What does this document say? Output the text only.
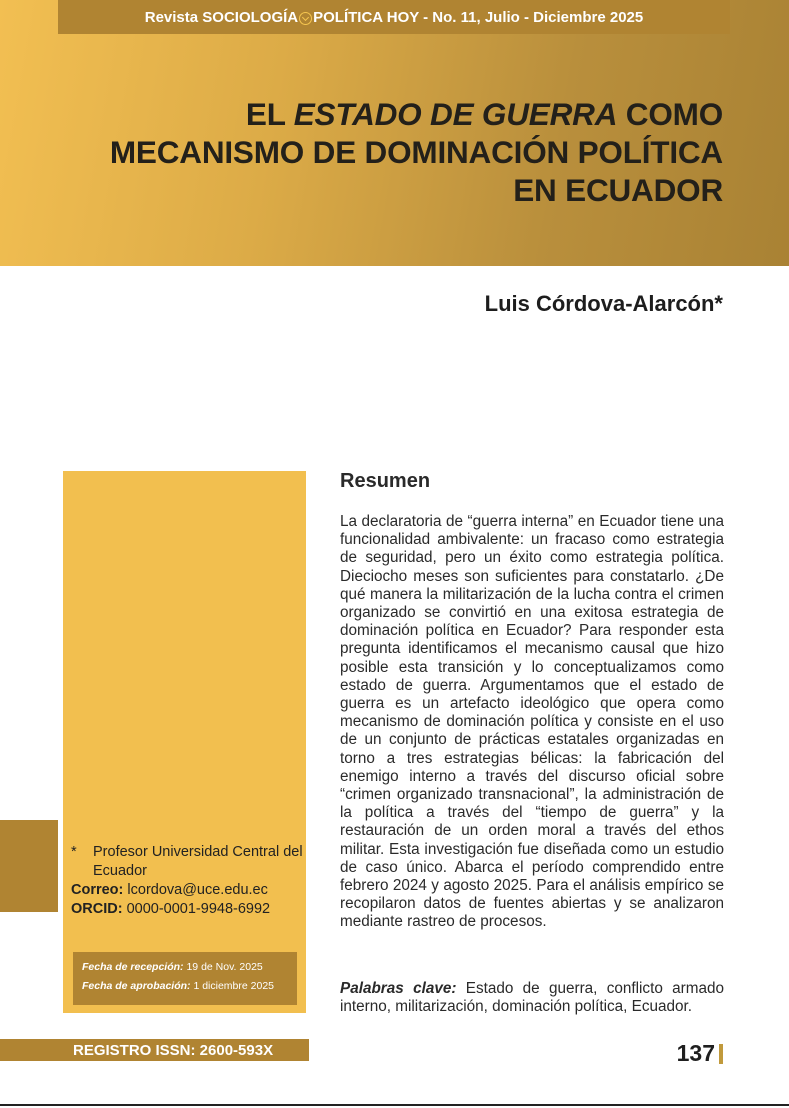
Revista SOCIOLOGÍA POLÍTICA HOY - No. 11, Julio - Diciembre 2025
EL ESTADO DE GUERRA COMO MECANISMO DE DOMINACIÓN POLÍTICA EN ECUADOR

Luis Córdova-Alarcón*

*	Profesor Universidad Central del Ecuador
Correo: lcordova@uce.edu.ec
ORCID: 0000-0001-9948-6992
Fecha de recepción: 19 de Nov. 2025
Fecha de aprobación: 1 diciembre 2025
REGISTRO ISSN: 2600-593X
Resumen

La declaratoria de “guerra interna” en Ecuador tiene una funcionalidad ambivalente: un fracaso como estrategia de seguridad, pero un éxito como estrategia política. Dieciocho meses son suficientes para constatarlo. ¿De qué manera la militarización de la lucha contra el crimen organizado se convirtió en una exitosa estrategia de dominación política en Ecuador? Para responder esta pregunta identificamos el mecanismo causal que hizo posible esta transición y lo conceptualizamos como estado de guerra. Argumentamos que el estado de guerra es un artefacto ideológico que opera como mecanismo de dominación política y consiste en el uso de un conjunto de prácticas estatales organizadas en torno a tres estrategias bélicas: la fabricación del enemigo interno a través del discurso oficial sobre “crimen organizado transnacional”, la administración de la política a través del “tiempo de guerra” y la restauración de un orden moral a través del ethos militar. Esta investigación fue diseñada como un estudio de caso único. Abarca el período comprendido entre febrero 2024 y agosto 2025. Para el análisis empírico se recopilaron datos de fuentes abiertas y se analizaron mediante rastreo de procesos.

Palabras clave: Estado de guerra, conflicto armado interno, militarización, dominación política, Ecuador.

137
